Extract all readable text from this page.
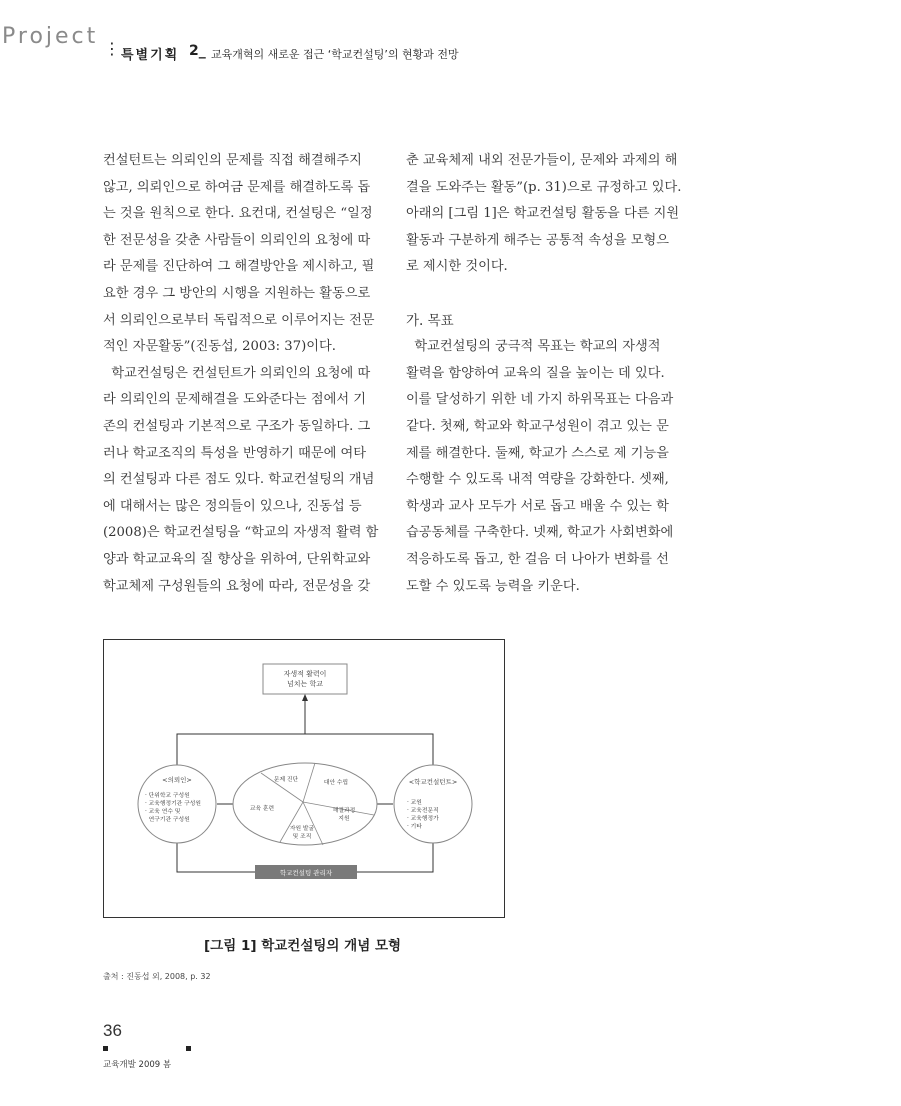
Project ⋮ 특별기획 2_ 교육개혁의 새로운 접근 ‘학교컨설팅’의 현황과 전망

컨설턴트는 의뢰인의 문제를 직접 해결해주지

않고, 의뢰인으로 하여금 문제를 해결하도록 돕

는 것을 원칙으로 한다. 요컨대, 컨설팅은 “일정

한 전문성을 갖춘 사람들이 의뢰인의 요청에 따

라 문제를 진단하여 그 해결방안을 제시하고, 필

요한 경우 그 방안의 시행을 지원하는 활동으로

서 의뢰인으로부터 독립적으로 이루어지는 전문

적인 자문활동”(진동섭, 2003: 37)이다.

학교컨설팅은 컨설턴트가 의뢰인의 요청에 따

라 의뢰인의 문제해결을 도와준다는 점에서 기

존의 컨설팅과 기본적으로 구조가 동일하다. 그

러나 학교조직의 특성을 반영하기 때문에 여타

의 컨설팅과 다른 점도 있다. 학교컨설팅의 개념

에 대해서는 많은 정의들이 있으나, 진동섭 등

(2008)은 학교컨설팅을 “학교의 자생적 활력 함

양과 학교교육의 질 향상을 위하여, 단위학교와

학교체제 구성원들의 요청에 따라, 전문성을 갖

춘 교육체제 내외 전문가들이, 문제와 과제의 해

결을 도와주는 활동”(p. 31)으로 규정하고 있다.

아래의 [그림 1]은 학교컨설팅 활동을 다른 지원

활동과 구분하게 해주는 공통적 속성을 모형으

로 제시한 것이다.

가. 목표

학교컨설팅의 궁극적 목표는 학교의 자생적

활력을 함양하여 교육의 질을 높이는 데 있다.

이를 달성하기 위한 네 가지 하위목표는 다음과

같다. 첫째, 학교와 학교구성원이 겪고 있는 문

제를 해결한다. 둘째, 학교가 스스로 제 기능을

수행할 수 있도록 내적 역량을 강화한다. 셋째,

학생과 교사 모두가 서로 돕고 배울 수 있는 학

습공동체를 구축한다. 넷째, 학교가 사회변화에

적응하도록 돕고, 한 걸음 더 나아가 변화를 선

도할 수 있도록 능력을 키운다.

자생적 활력이
넘치는 학교
<의뢰인>
· 단위학교 구성원
· 교육행정기관 구성원
· 교육 연수 및
연구기관 구성원
<학교컨설턴트>
· 교원
· 교육전문직
· 교육행정가
· 기타
문제 진단	대안 수립
교육 훈련	해결과정
지원
자원 발굴
및 조직
학교컨설팅 관리자
[그림 1] 학교컨설팅의 개념 모형
출처 : 진동섭 외, 2008, p. 32
36
교육개발 2009 봄
